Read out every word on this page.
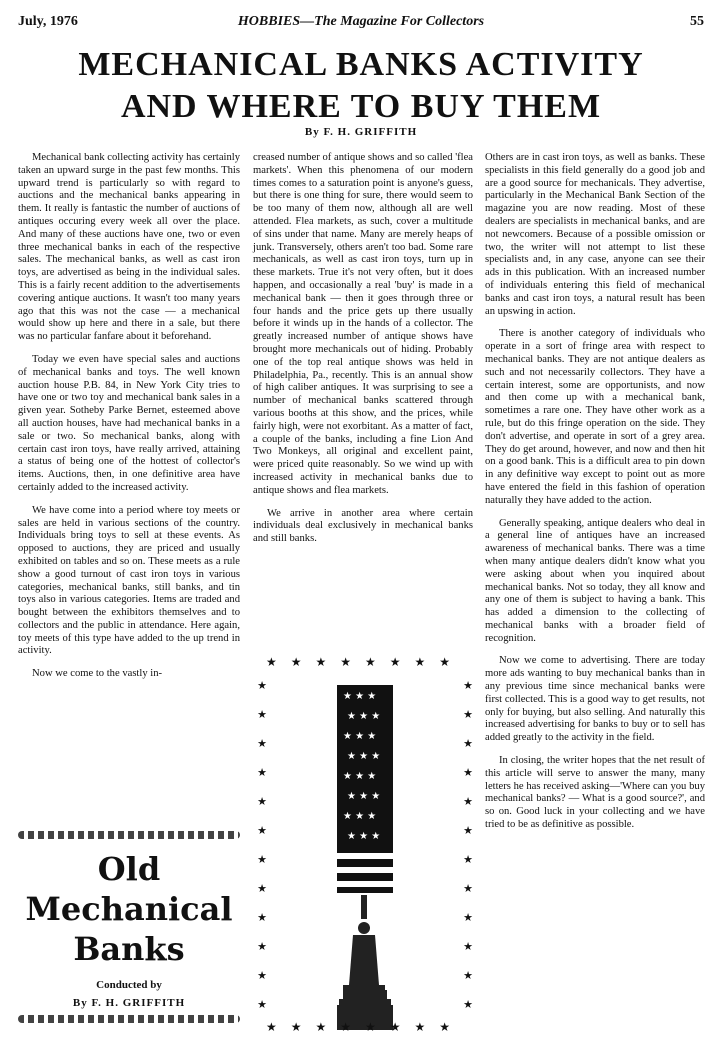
July, 1976	HOBBIES—The Magazine For Collectors	55
MECHANICAL BANKS ACTIVITY
AND WHERE TO BUY THEM
By F. H. GRIFFITH

Mechanical bank collecting activity has certainly taken an upward surge in the past few months. This upward trend is particularly so with regard to auctions and the mechanical banks appearing in them. It really is fantastic the number of auctions of antiques occuring every week all over the place. And many of these auctions have one, two or even three mechanical banks in each of the respective sales. The mechanical banks, as well as cast iron toys, are advertised as being in the individual sales. This is a fairly recent addition to the advertisements covering antique auctions. It wasn't too many years ago that this was not the case — a mechanical would show up here and there in a sale, but there was no particular fanfare about it beforehand.

Today we even have special sales and auctions of mechanical banks and toys. The well known auction house P.B. 84, in New York City tries to have one or two toy and mechanical bank sales in a given year. Sotheby Parke Bernet, esteemed above all auction houses, have had mechanical banks in a sale or two. So mechanical banks, along with certain cast iron toys, have really arrived, attaining a status of being one of the hottest of collector's items. Auctions, then, in one definitive area have certainly added to the increased activity.

We have come into a period where toy meets or sales are held in various sections of the country. Individuals bring toys to sell at these events. As opposed to auctions, they are priced and usually exhibited on tables and so on. These meets as a rule show a good turnout of cast iron toys in various categories, mechanical banks, still banks, and tin toys also in various categories. Items are traded and bought between the exhibitors themselves and to collectors and the public in attendance. Here again, toy meets of this type have added to the up trend in activity.

Now we come to the vastly in-

Old
Mechanical
Banks
Conducted by
By F. H. GRIFFITH

creased number of antique shows and so called 'flea markets'. When this phenomena of our modern times comes to a saturation point is anyone's guess, but there is one thing for sure, there would seem to be too many of them now, although all are well attended. Flea markets, as such, cover a multitude of sins under that name. Many are merely heaps of junk. Transversely, others aren't too bad. Some rare mechanicals, as well as cast iron toys, turn up in these markets. True it's not very often, but it does happen, and occasionally a real 'buy' is made in a mechanical bank — then it goes through three or four hands and the price gets up there usually before it winds up in the hands of a collector. The greatly increased number of antique shows have brought more mechanicals out of hiding. Probably one of the top real antique shows was held in Philadelphia, Pa., recently. This is an annual show of high caliber antiques. It was surprising to see a number of mechanical banks scattered through various booths at this show, and the prices, while fairly high, were not exorbitant. As a matter of fact, a couple of the banks, including a fine Lion And Two Monkeys, all original and excellent paint, were priced quite reasonably. So we wind up with increased activity in mechanical banks due to antique shows and flea markets.

We arrive in another area where certain individuals deal exclusively in mechanical banks and still banks.

★★★★★★★★
★
★
★
★
★
★
★
★
★
★
★
★
★
★
★
★
★
★
★
★
★
★
★
★
★ ★ ★
★ ★ ★
★ ★ ★
★ ★ ★
★ ★ ★
★ ★ ★
★ ★ ★
★ ★ ★
★★★★★★★★

Others are in cast iron toys, as well as banks. These specialists in this field generally do a good job and are a good source for mechanicals. They advertise, particularly in the Mechanical Bank Section of the magazine you are now reading. Most of these dealers are specialists in mechanical banks, and are not newcomers. Because of a possible omission or two, the writer will not attempt to list these specialists and, in any case, anyone can see their ads in this publication. With an increased number of individuals entering this field of mechanical banks and cast iron toys, a natural result has been an upswing in action.

There is another category of individuals who operate in a sort of fringe area with respect to mechanical banks. They are not antique dealers as such and not necessarily collectors. They have a certain interest, some are opportunists, and now and then come up with a mechanical bank, sometimes a rare one. They have other work as a rule, but do this fringe operation on the side. They don't advertise, and operate in sort of a grey area. They do get around, however, and now and then hit on a good bank. This is a difficult area to pin down in any definitive way except to point out as more have entered the field in this fashion of operation naturally they have added to the action.

Generally speaking, antique dealers who deal in a general line of antiques have an increased awareness of mechanical banks. There was a time when many antique dealers didn't know what you were asking about when you inquired about mechanical banks. Not so today, they all know and any one of them is subject to having a bank. This has added a dimension to the collecting of mechanical banks with a broader field of recognition.

Now we come to advertising. There are today more ads wanting to buy mechanical banks than in any previous time since mechanical banks were first collected. This is a good way to get results, not only for buying, but also selling. And naturally this increased advertising for banks to buy or to sell has added greatly to the activity in the field.

In closing, the writer hopes that the net result of this article will serve to answer the many, many letters he has received asking—'Where can you buy mechanical banks? — What is a good source?', and so on. Good luck in your collecting and we have tried to be as definitive as possible.
